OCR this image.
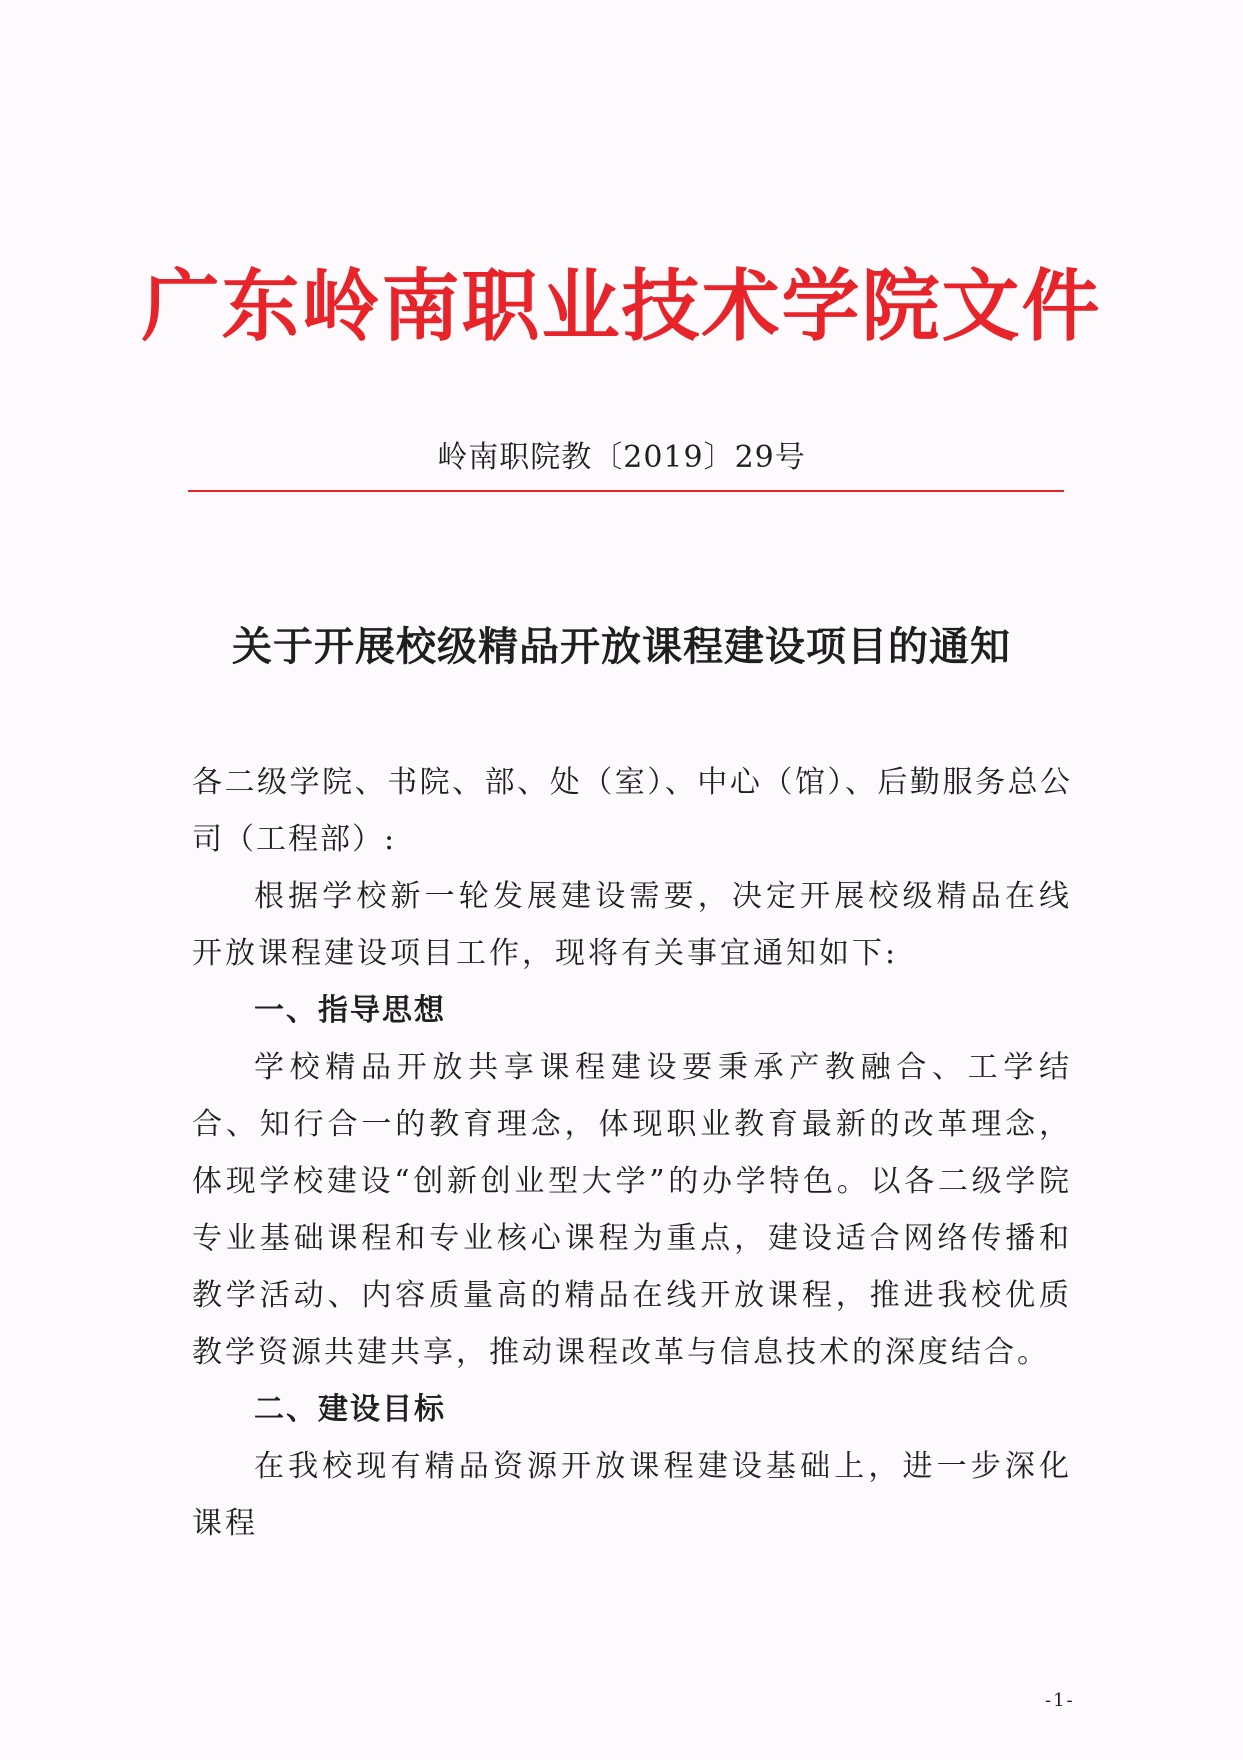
广东岭南职业技术学院文件
岭南职院教〔2019〕29号
关于开展校级精品开放课程建设项目的通知

各二级学院、书院、部、处（室）、中心（馆）、后勤服务总公司（工程部）:

根据学校新一轮发展建设需要，决定开展校级精品在线开放课程建设项目工作，现将有关事宜通知如下:

一、指导思想

学校精品开放共享课程建设要秉承产教融合、工学结合、知行合一的教育理念，体现职业教育最新的改革理念，体现学校建设“创新创业型大学”的办学特色。以各二级学院专业基础课程和专业核心课程为重点，建设适合网络传播和教学活动、内容质量高的精品在线开放课程，推进我校优质教学资源共建共享，推动课程改革与信息技术的深度结合。

二、建设目标

在我校现有精品资源开放课程建设基础上，进一步深化课程

-1-
